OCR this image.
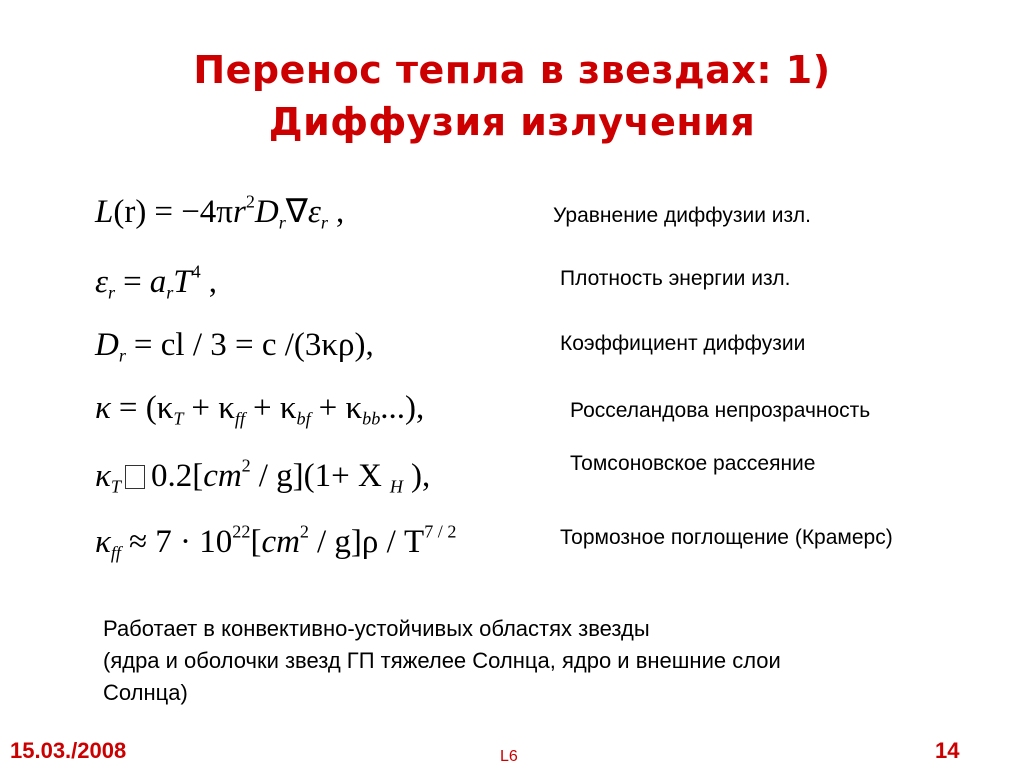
Перенос тепла в звездах: 1)
Диффузия излучения
$L(r) = -4\pi r^2D_r\nabla\varepsilon_r$ ,
$\varepsilon_r = a_rT^4$ ,
$D_r$ = cl / 3 = c /(3κρ),
$\kappa = (\kappa_T + \kappa_{ff} + \kappa_{bf} + \kappa_{bb}...)$,
$\kappa_T$ $0.2[cm^2 / g](1+ X$ $_H$ ),
$\kappa_{ff} \approx 7 \cdot 10^{22}[cm^2 / g]\rho / T^{7 / 2}$
Уравнение диффузии изл.
Плотность энергии изл.
Коэффициент диффузии
Росселандова непрозрачность
Томсоновское рассеяние
Тормозное поглощение (Крамерс)
Работает в конвективно-устойчивых областях звезды
(ядра и оболочки звезд ГП тяжелее Солнца, ядро и внешние слои
Солнца)
15.03./2008	L6	14
